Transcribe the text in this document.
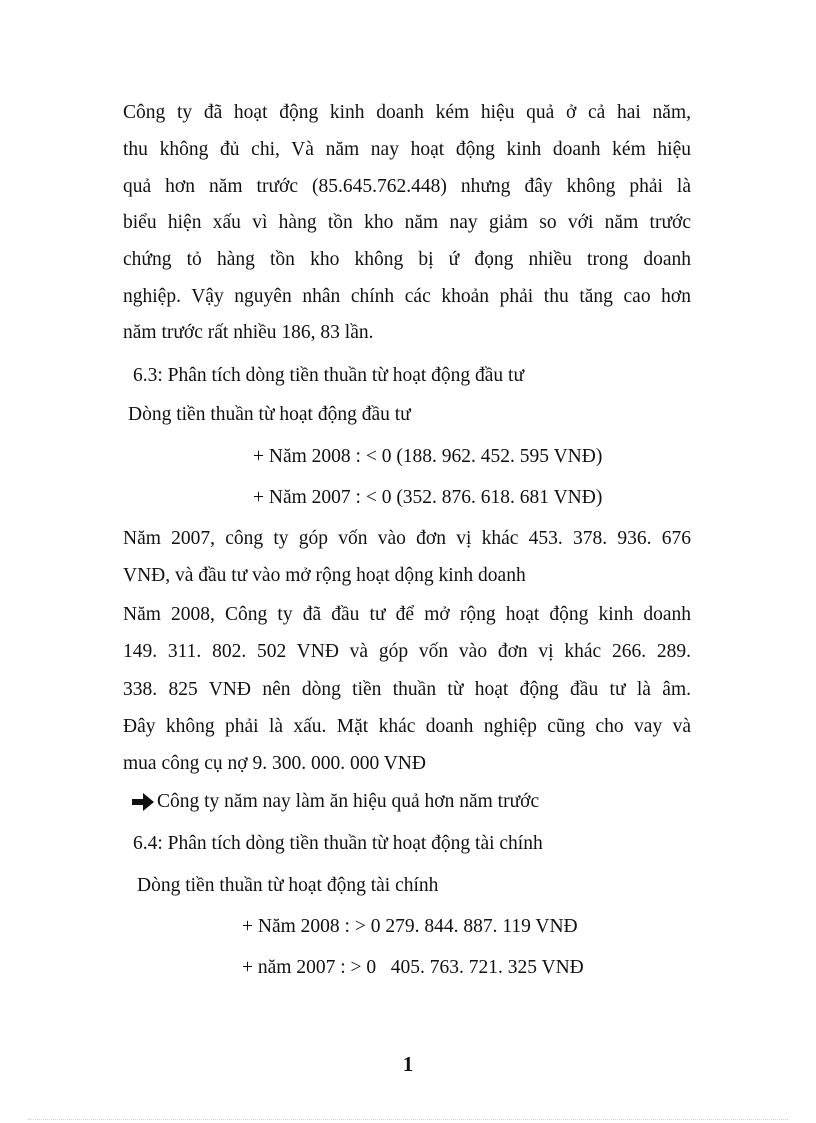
Công ty đã hoạt động kinh doanh kém hiệu quả ở cả hai năm,
thu không đủ chi, Và năm nay hoạt động kinh doanh kém hiệu
quả hơn năm trước (85.645.762.448) nhưng đây không phải là
biểu hiện xấu vì hàng tồn kho năm nay giảm so với năm trước
chứng tỏ hàng tồn kho không bị ứ đọng nhiều trong doanh
nghiệp. Vậy nguyên nhân chính các khoản phải thu tăng cao hơn
năm trước rất nhiều 186, 83 lần.
6.3: Phân tích dòng tiền thuần từ hoạt động đầu tư
Dòng tiền thuần từ hoạt động đầu tư
+ Năm 2008 : < 0 (188. 962. 452. 595 VNĐ)
+ Năm 2007 : < 0 (352. 876. 618. 681 VNĐ)
Năm 2007, công ty góp vốn vào đơn vị khác 453. 378. 936. 676
VNĐ, và đầu tư vào mở rộng hoạt dộng kinh doanh
Năm 2008, Công ty đã đầu tư để mở rộng hoạt động kinh doanh
149. 311. 802. 502 VNĐ và góp vốn vào đơn vị khác 266. 289.
338. 825 VNĐ nên dòng tiền thuần từ hoạt động đầu tư là âm.
Đây không phải là xấu. Mặt khác doanh nghiệp cũng cho vay và
mua công cụ nợ 9. 300. 000. 000 VNĐ
Công ty năm nay làm ăn hiệu quả hơn năm trước
6.4: Phân tích dòng tiền thuần từ hoạt động tài chính
Dòng tiền thuần từ hoạt động tài chính
+ Năm 2008 : > 0 279. 844. 887. 119 VNĐ
+ năm 2007 : > 0   405. 763. 721. 325 VNĐ
1
